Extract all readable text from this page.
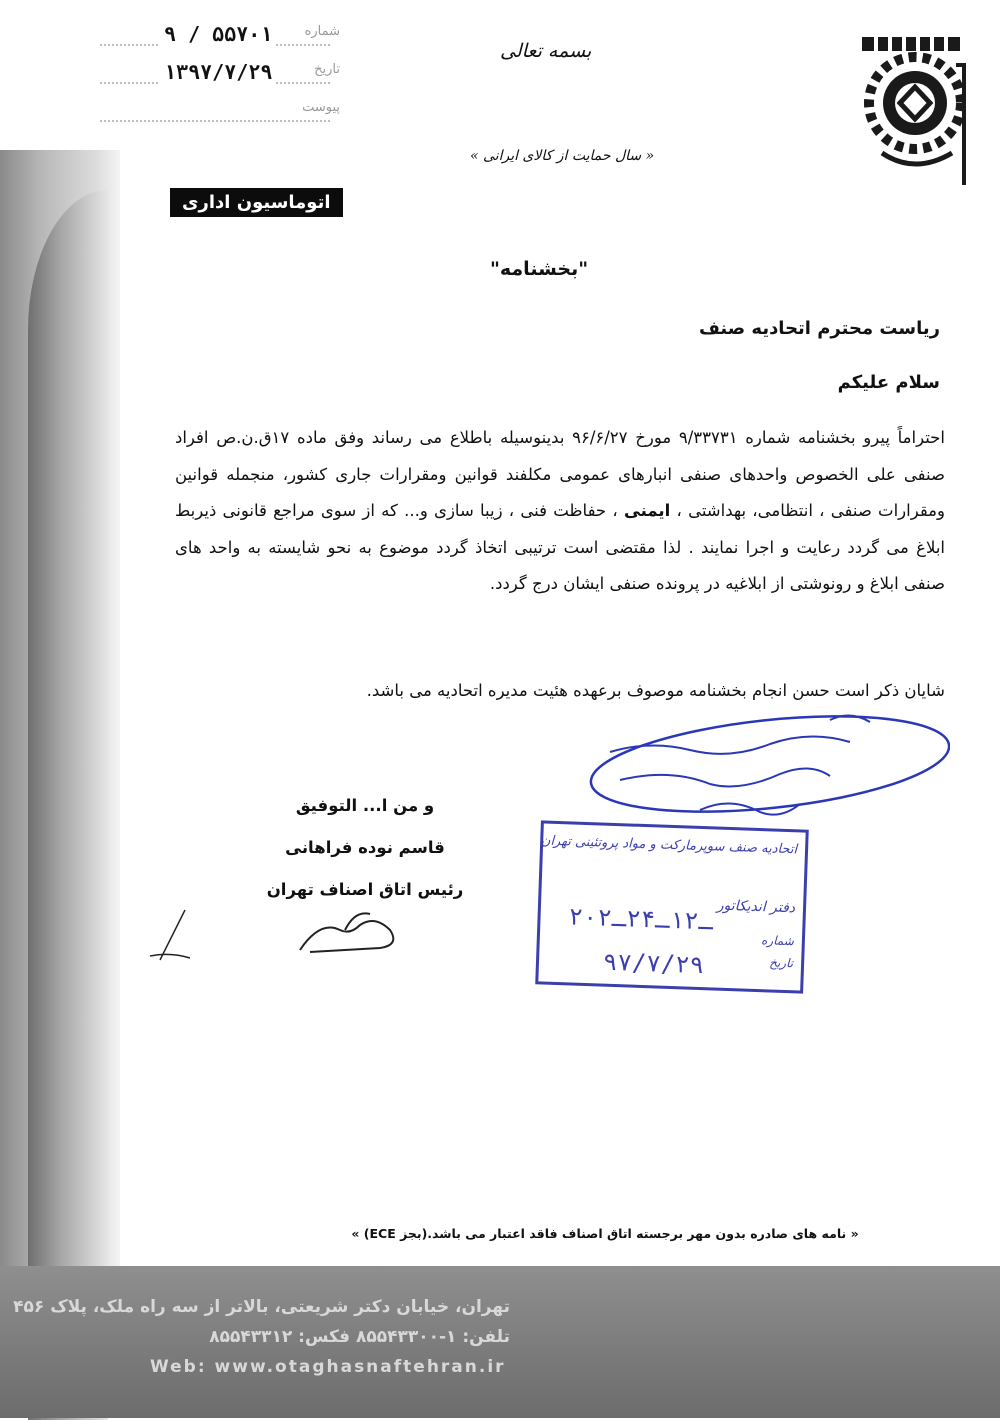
۹ / ۵۵۷۰۱	شماره
۱۳۹۷/۷/۲۹	تاریخ
پیوست
بسمه تعالی
« سال حمایت از کالای ایرانی »
اتوماسیون اداری
"بخشنامه"
ریاست محترم اتحادیه صنف
سلام علیکم
احتراماً پیرو بخشنامه شماره ۹/۳۳۷۳۱ مورخ ۹۶/۶/۲۷ بدینوسیله باطلاع می رساند وفق ماده ۱۷ق.ن.ص افراد صنفی علی الخصوص واحدهای صنفی انبارهای عمومی مکلفند قوانین ومقرارات جاری کشور، منجمله قوانین ومقرارات صنفی ، انتظامی، بهداشتی ، ایمنی ، حفاظت فنی ، زیبا سازی و... که از سوی مراجع قانونی ذیربط ابلاغ می گردد رعایت و اجرا نمایند . لذا مقتضی است ترتیبی اتخاذ گردد موضوع به نحو شایسته به واحد های صنفی ابلاغ و رونوشتی از ابلاغیه در پرونده صنفی ایشان درج گردد.
شایان ذکر است حسن انجام بخشنامه موصوف برعهده هئیت مدیره اتحادیه می باشد.
و من ا... التوفیق
قاسم نوده فراهانی
رئیس اتاق اصناف تهران
اتحادیه صنف سوپرمارکت و مواد پروتئینی تهران
دفتر اندیکاتور
شماره
تاریخ
۲۰ـ۱۲ـ۲۴ـ۲
۹۷/۷/۲۹
« نامه های صادره بدون مهر برجسته اتاق اصناف فاقد اعتبار می باشد.(بجز ECE) »
تهران، خیابان دکتر شریعتی، بالاتر از سه راه ملک، پلاک ۴۵۶
تلفن: ۱-۸۵۵۴۳۳۰۰ فکس: ۸۵۵۴۳۳۱۲
Web: www.otaghasnaftehran.ir
